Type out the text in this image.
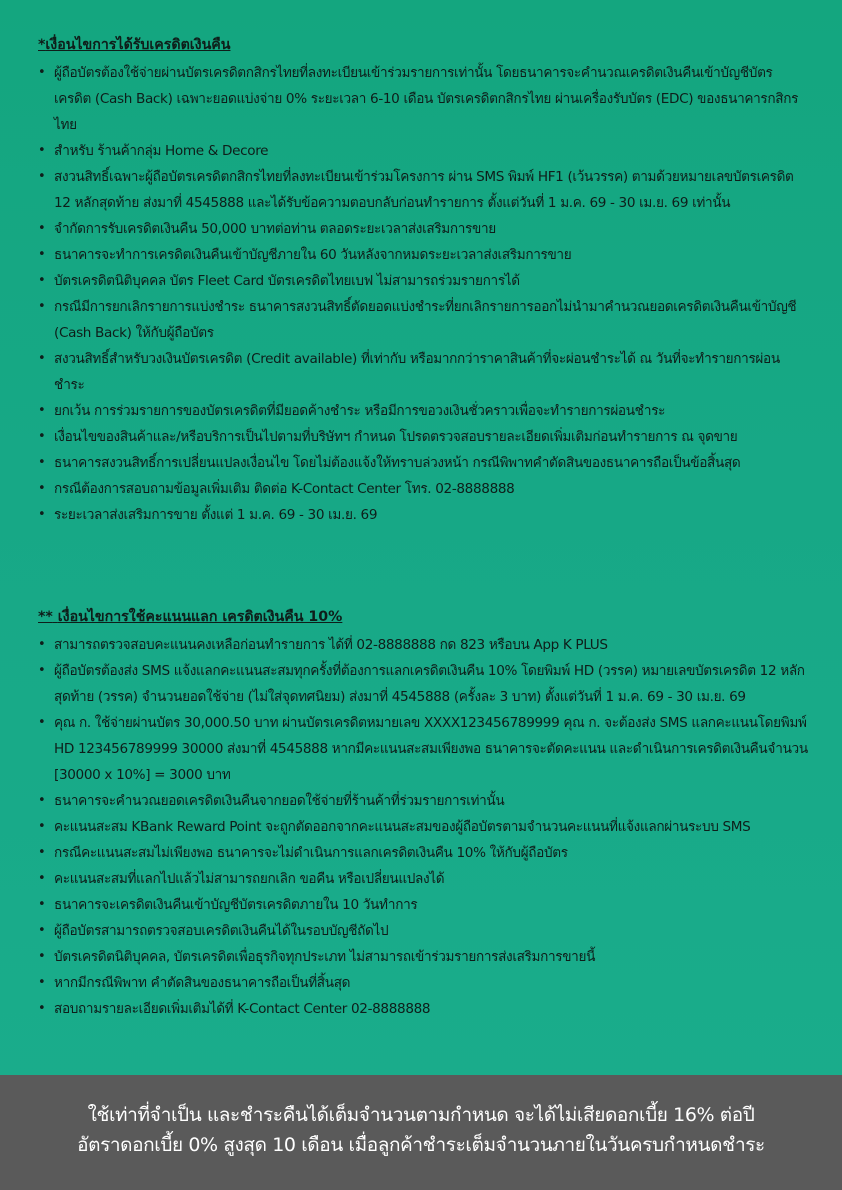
*เงื่อนไขการได้รับเครดิตเงินคืน
• ผู้ถือบัตรต้องใช้จ่ายผ่านบัตรเครดิตกสิกรไทยที่ลงทะเบียนเข้าร่วมรายการเท่านั้น โดยธนาคารจะคำนวณเครดิตเงินคืนเข้าบัญชีบัตรเครดิต (Cash Back) เฉพาะยอดแบ่งจ่าย 0% ระยะเวลา 6-10 เดือน บัตรเครดิตกสิกรไทย ผ่านเครื่องรับบัตร (EDC) ของธนาคารกสิกรไทย
• สำหรับ ร้านค้ากลุ่ม Home & Decore
• สงวนสิทธิ์เฉพาะผู้ถือบัตรเครดิตกสิกรไทยที่ลงทะเบียนเข้าร่วมโครงการ ผ่าน SMS พิมพ์ HF1 (เว้นวรรค) ตามด้วยหมายเลขบัตรเครดิต 12 หลักสุดท้าย ส่งมาที่ 4545888 และได้รับข้อความตอบกลับก่อนทำรายการ ตั้งแต่วันที่ 1 ม.ค. 69 - 30 เม.ย. 69 เท่านั้น
• จำกัดการรับเครดิตเงินคืน 50,000 บาทต่อท่าน ตลอดระยะเวลาส่งเสริมการขาย
• ธนาคารจะทำการเครดิตเงินคืนเข้าบัญชีภายใน 60 วันหลังจากหมดระยะเวลาส่งเสริมการขาย
• บัตรเครดิตนิติบุคคล บัตร Fleet Card บัตรเครดิตไทยเบฟ ไม่สามารถร่วมรายการได้
• กรณีมีการยกเลิกรายการแบ่งชำระ ธนาคารสงวนสิทธิ์ตัดยอดแบ่งชำระที่ยกเลิกรายการออกไม่นำมาคำนวณยอดเครดิตเงินคืนเข้าบัญชี (Cash Back) ให้กับผู้ถือบัตร
• สงวนสิทธิ์สำหรับวงเงินบัตรเครดิต (Credit available) ที่เท่ากับ หรือมากกว่าราคาสินค้าที่จะผ่อนชำระได้ ณ วันที่จะทำรายการผ่อนชำระ
• ยกเว้น การร่วมรายการของบัตรเครดิตที่มียอดค้างชำระ หรือมีการขอวงเงินชั่วคราวเพื่อจะทำรายการผ่อนชำระ
• เงื่อนไขของสินค้าและ/หรือบริการเป็นไปตามที่บริษัทฯ กำหนด โปรดตรวจสอบรายละเอียดเพิ่มเติมก่อนทำรายการ ณ จุดขาย
• ธนาคารสงวนสิทธิ์การเปลี่ยนแปลงเงื่อนไข โดยไม่ต้องแจ้งให้ทราบล่วงหน้า กรณีพิพาทคำตัดสินของธนาคารถือเป็นข้อสิ้นสุด
• กรณีต้องการสอบถามข้อมูลเพิ่มเติม ติดต่อ K-Contact Center โทร. 02-8888888
• ระยะเวลาส่งเสริมการขาย ตั้งแต่ 1 ม.ค. 69 - 30 เม.ย. 69
** เงื่อนไขการใช้คะแนนแลก เครดิตเงินคืน 10%
• สามารถตรวจสอบคะแนนคงเหลือก่อนทำรายการ ได้ที่ 02-8888888 กด 823 หรือบน App K PLUS
• ผู้ถือบัตรต้องส่ง SMS แจ้งแลกคะแนนสะสมทุกครั้งที่ต้องการแลกเครดิตเงินคืน 10% โดยพิมพ์ HD (วรรค) หมายเลขบัตรเครดิต 12 หลักสุดท้าย (วรรค) จำนวนยอดใช้จ่าย (ไม่ใส่จุดทศนิยม) ส่งมาที่ 4545888 (ครั้งละ 3 บาท) ตั้งแต่วันที่ 1 ม.ค. 69 - 30 เม.ย. 69
• คุณ ก. ใช้จ่ายผ่านบัตร 30,000.50 บาท ผ่านบัตรเครดิตหมายเลข XXXX123456789999 คุณ ก. จะต้องส่ง SMS แลกคะแนนโดยพิมพ์ HD 123456789999 30000 ส่งมาที่ 4545888 หากมีคะแนนสะสมเพียงพอ ธนาคารจะตัดคะแนน และดำเนินการเครดิตเงินคืนจำนวน [30000 x 10%] = 3000 บาท
• ธนาคารจะคำนวณยอดเครดิตเงินคืนจากยอดใช้จ่ายที่ร้านค้าที่ร่วมรายการเท่านั้น
• คะแนนสะสม KBank Reward Point จะถูกตัดออกจากคะแนนสะสมของผู้ถือบัตรตามจำนวนคะแนนที่แจ้งแลกผ่านระบบ SMS
• กรณีคะแนนสะสมไม่เพียงพอ ธนาคารจะไม่ดำเนินการแลกเครดิตเงินคืน 10% ให้กับผู้ถือบัตร
• คะแนนสะสมที่แลกไปแล้วไม่สามารถยกเลิก ขอคืน หรือเปลี่ยนแปลงได้
• ธนาคารจะเครดิตเงินคืนเข้าบัญชีบัตรเครดิตภายใน 10 วันทำการ
• ผู้ถือบัตรสามารถตรวจสอบเครดิตเงินคืนได้ในรอบบัญชีถัดไป
• บัตรเครดิตนิติบุคคล, บัตรเครดิตเพื่อธุรกิจทุกประเภท ไม่สามารถเข้าร่วมรายการส่งเสริมการขายนี้
• หากมีกรณีพิพาท คำตัดสินของธนาคารถือเป็นที่สิ้นสุด
• สอบถามรายละเอียดเพิ่มเติมได้ที่ K-Contact Center 02-8888888

ใช้เท่าที่จำเป็น และชำระคืนได้เต็มจำนวนตามกำหนด จะได้ไม่เสียดอกเบี้ย 16% ต่อปี

อัตราดอกเบี้ย 0% สูงสุด 10 เดือน เมื่อลูกค้าชำระเต็มจำนวนภายในวันครบกำหนดชำระ
